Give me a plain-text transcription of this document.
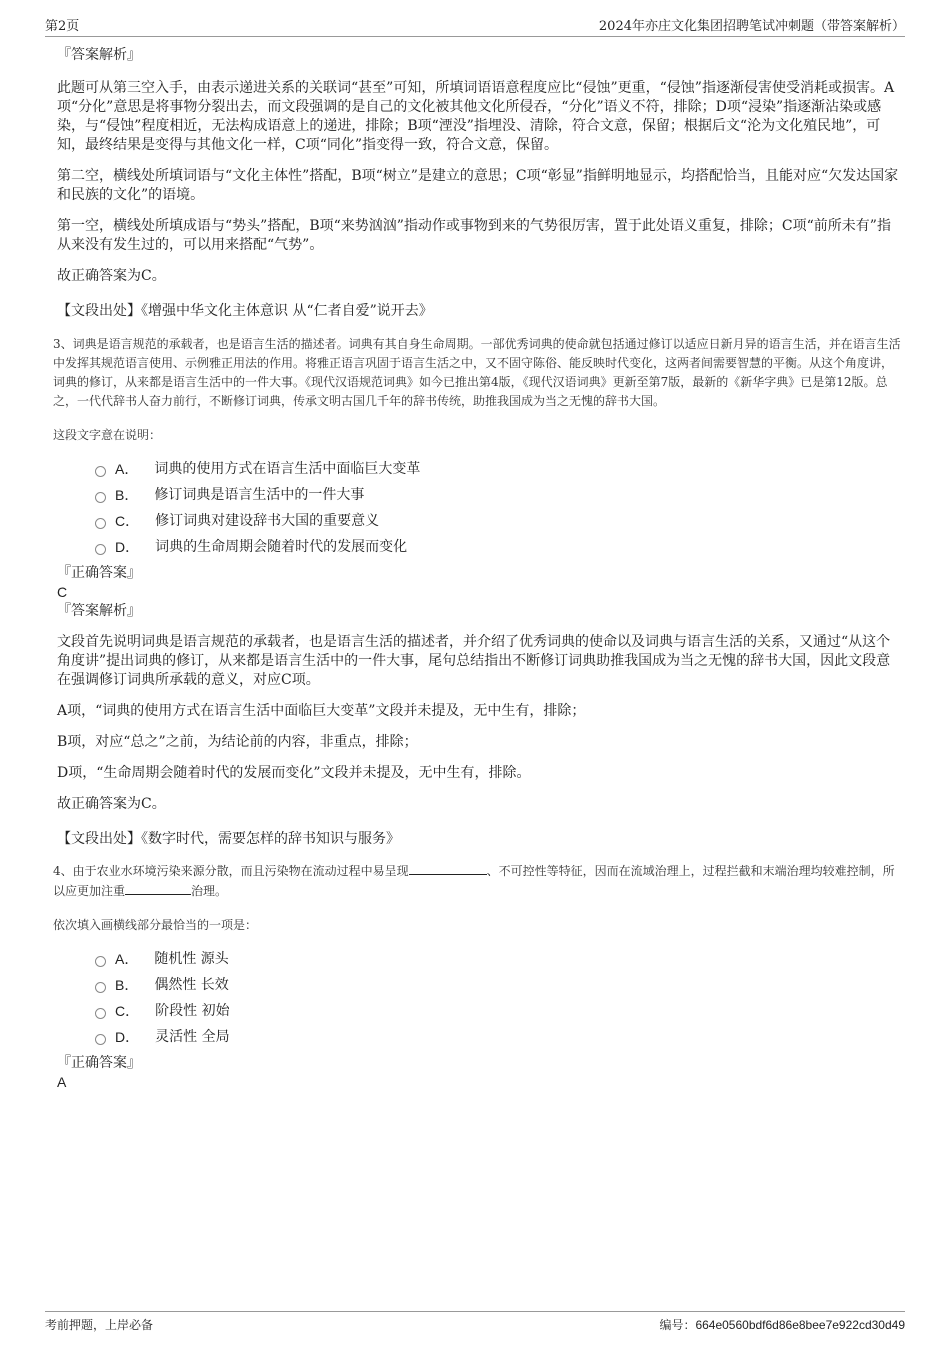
第2页	2024年亦庄文化集团招聘笔试冲刺题（带答案解析）

『答案解析』

此题可从第三空入手，由表示递进关系的关联词“甚至”可知，所填词语语意程度应比“侵蚀”更重，“侵蚀”指逐渐侵害使受消耗或损害。A项“分化”意思是将事物分裂出去，而文段强调的是自己的文化被其他文化所侵吞，“分化”语义不符，排除；D项“浸染”指逐渐沾染或感染，与“侵蚀”程度相近，无法构成语意上的递进，排除；B项“湮没”指埋没、清除，符合文意，保留；根据后文“沦为文化殖民地”，可知，最终结果是变得与其他文化一样，C项“同化”指变得一致，符合文意，保留。

第二空，横线处所填词语与“文化主体性”搭配，B项“树立”是建立的意思；C项“彰显”指鲜明地显示，均搭配恰当，且能对应“欠发达国家和民族的文化”的语境。

第一空，横线处所填成语与“势头”搭配，B项“来势汹汹”指动作或事物到来的气势很厉害，置于此处语义重复，排除；C项“前所未有”指从来没有发生过的，可以用来搭配“气势”。

故正确答案为C。

【文段出处】《增强中华文化主体意识 从“仁者自爱”说开去》

3、词典是语言规范的承载者，也是语言生活的描述者。词典有其自身生命周期。一部优秀词典的使命就包括通过修订以适应日新月异的语言生活，并在语言生活中发挥其规范语言使用、示例雅正用法的作用。将雅正语言巩固于语言生活之中，又不固守陈俗、能反映时代变化，这两者间需要智慧的平衡。从这个角度讲，词典的修订，从来都是语言生活中的一件大事。《现代汉语规范词典》如今已推出第4版，《现代汉语词典》更新至第7版，最新的《新华字典》已是第12版。总之，一代代辞书人奋力前行，不断修订词典，传承文明古国几千年的辞书传统，助推我国成为当之无愧的辞书大国。

这段文字意在说明：

A． 词典的使用方式在语言生活中面临巨大变革
B． 修订词典是语言生活中的一件大事
C． 修订词典对建设辞书大国的重要意义
D． 词典的生命周期会随着时代的发展而变化

『正确答案』

C

『答案解析』

文段首先说明词典是语言规范的承载者，也是语言生活的描述者，并介绍了优秀词典的使命以及词典与语言生活的关系，又通过“从这个角度讲”提出词典的修订，从来都是语言生活中的一件大事，尾句总结指出不断修订词典助推我国成为当之无愧的辞书大国，因此文段意在强调修订词典所承载的意义，对应C项。

A项，“词典的使用方式在语言生活中面临巨大变革”文段并未提及，无中生有，排除；

B项，对应“总之”之前，为结论前的内容，非重点，排除；

D项，“生命周期会随着时代的发展而变化”文段并未提及，无中生有，排除。

故正确答案为C。

【文段出处】《数字时代，需要怎样的辞书知识与服务》

4、由于农业水环境污染来源分散，而且污染物在流动过程中易呈现	、不可控性等特征，因而在流域治理上，过程拦截和末端治理均较难控制，所以应更加注重	治理。

依次填入画横线部分最恰当的一项是：

A． 随机性 源头
B． 偶然性 长效
C． 阶段性 初始
D． 灵活性 全局

『正确答案』

A

考前押题，上岸必备	编号：664e0560bdf6d86e8bee7e922cd30d49
